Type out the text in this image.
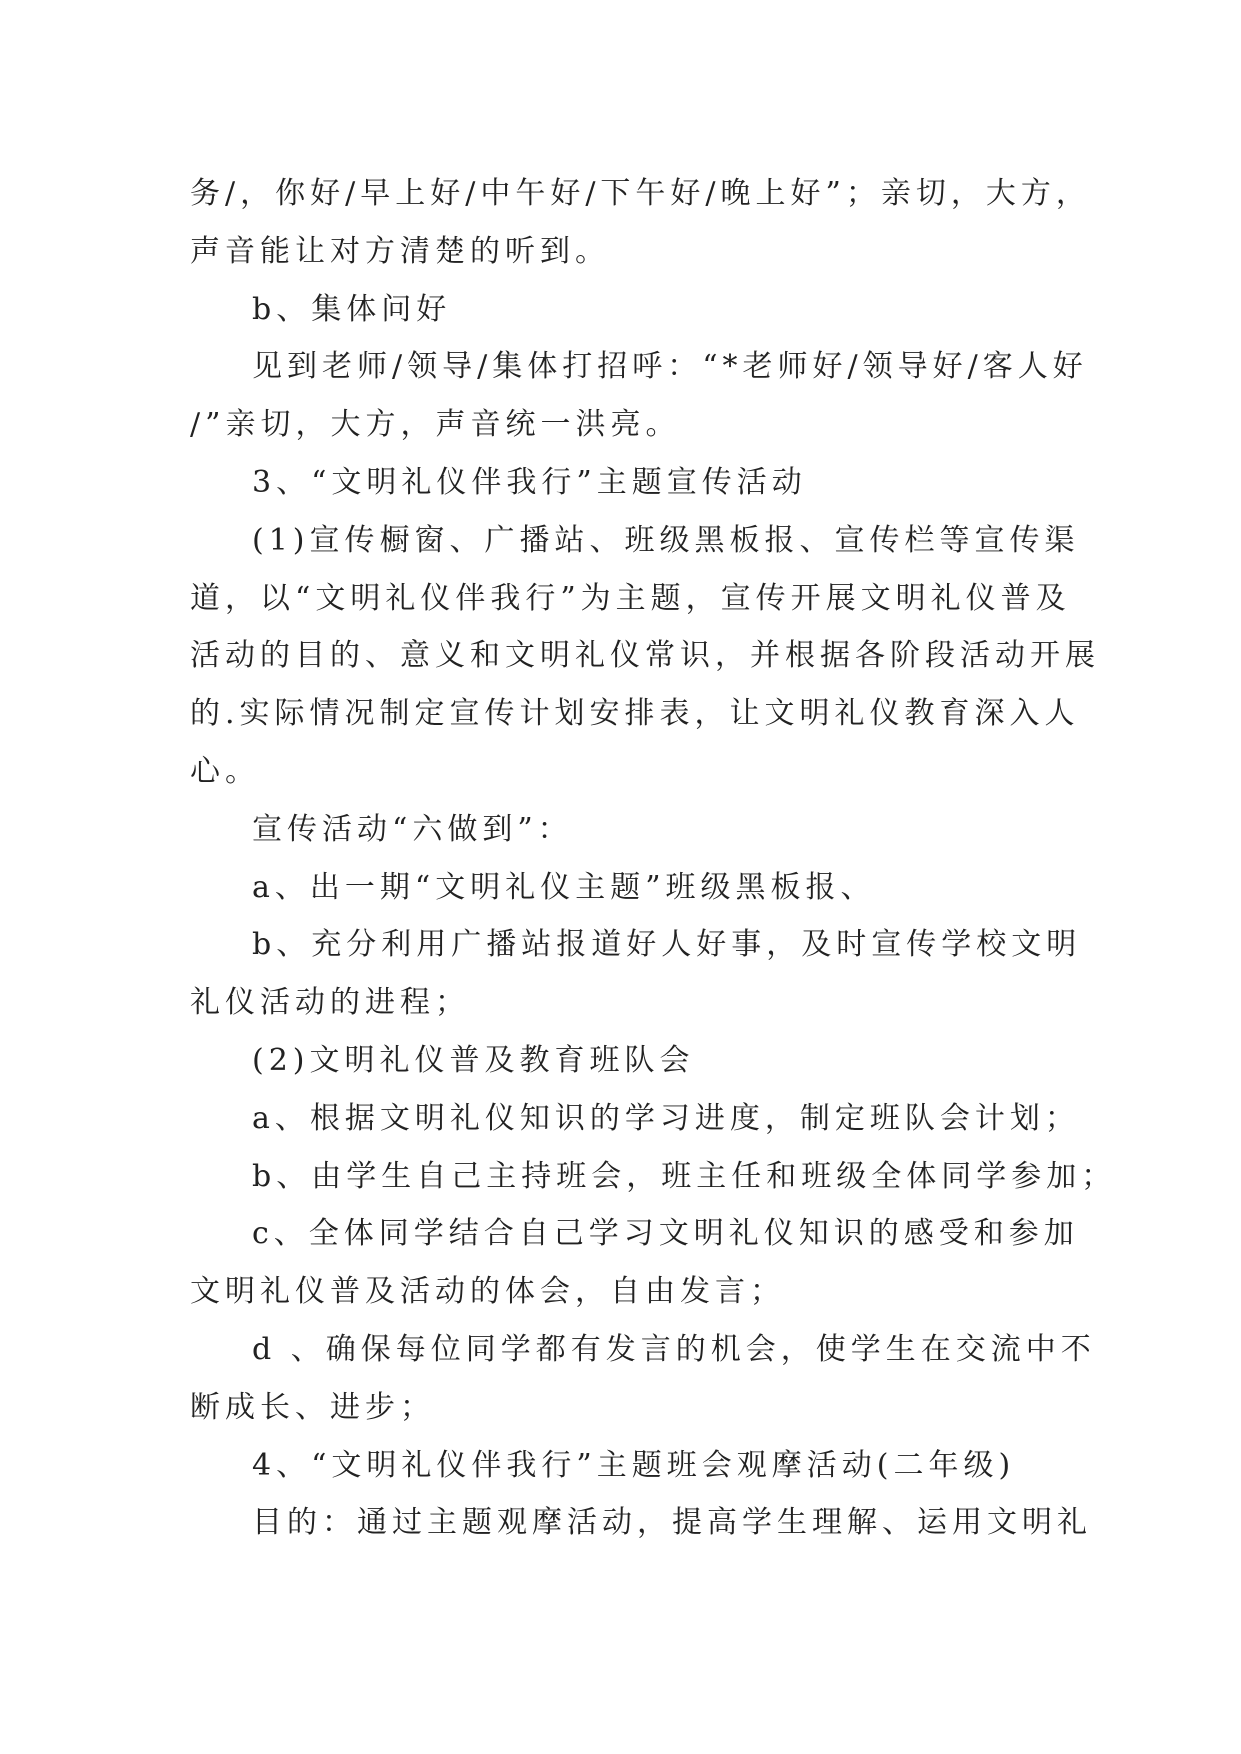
务/，你好/早上好/中午好/下午好/晚上好”；亲切，大方，
声音能让对方清楚的听到。
b、集体问好
见到老师/领导/集体打招呼：“*老师好/领导好/客人好
/”亲切，大方，声音统一洪亮。
3、“文明礼仪伴我行”主题宣传活动
(1)宣传橱窗、广播站、班级黑板报、宣传栏等宣传渠
道，以“文明礼仪伴我行”为主题，宣传开展文明礼仪普及
活动的目的、意义和文明礼仪常识，并根据各阶段活动开展
的.实际情况制定宣传计划安排表，让文明礼仪教育深入人
心。
宣传活动“六做到”：
a、出一期“文明礼仪主题”班级黑板报、
b、充分利用广播站报道好人好事，及时宣传学校文明
礼仪活动的进程；
(2)文明礼仪普及教育班队会
a、根据文明礼仪知识的学习进度，制定班队会计划；
b、由学生自己主持班会，班主任和班级全体同学参加；
c、全体同学结合自己学习文明礼仪知识的感受和参加
文明礼仪普及活动的体会，自由发言；
d 、确保每位同学都有发言的机会，使学生在交流中不
断成长、进步；
4、“文明礼仪伴我行”主题班会观摩活动(二年级)
目的：通过主题观摩活动，提高学生理解、运用文明礼
